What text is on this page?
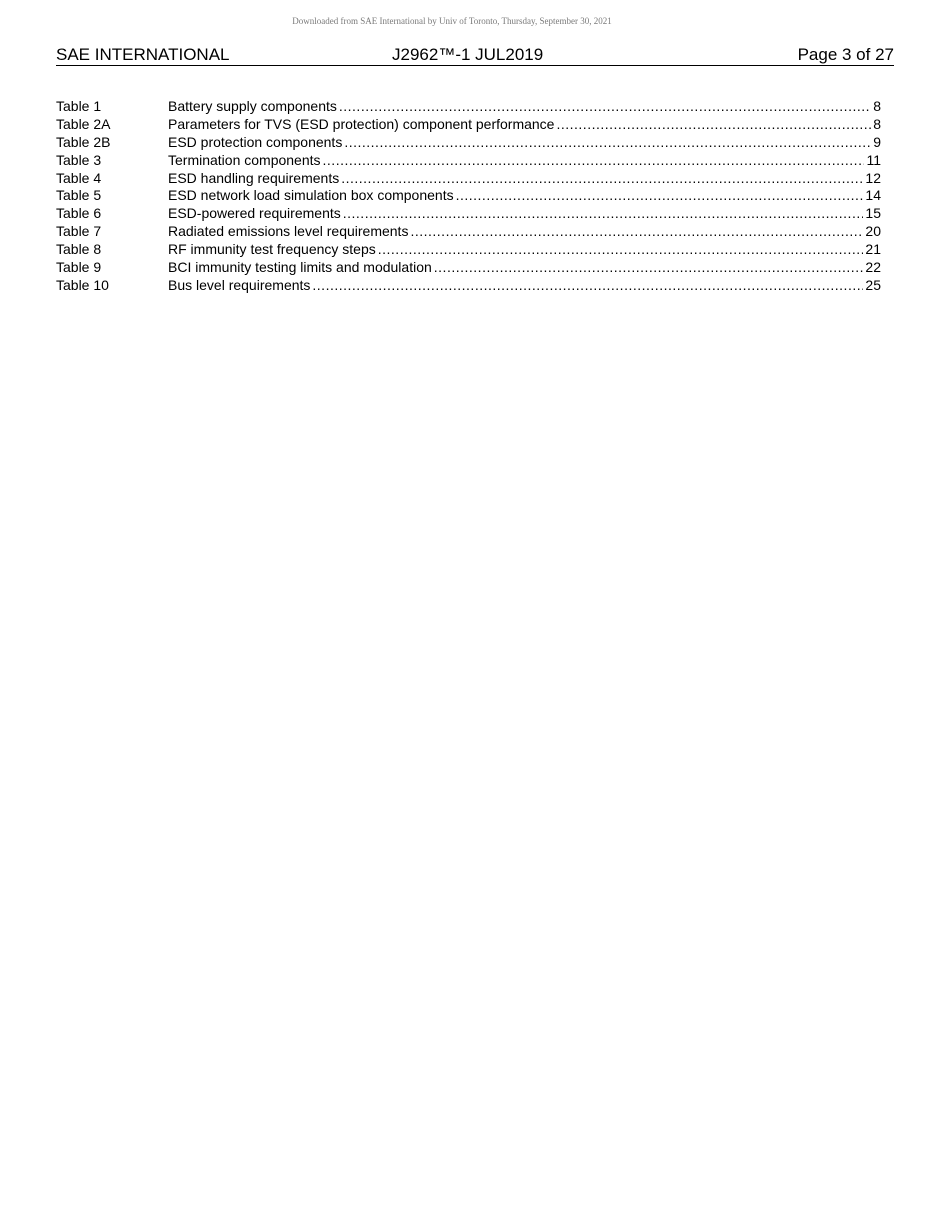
Downloaded from SAE International by Univ of Toronto, Thursday, September 30, 2021
SAE INTERNATIONAL	J2962™-1 JUL2019	Page 3 of 27
Table 1	Battery supply components .....	8
Table 2A	Parameters for TVS (ESD protection) component performance .....	8
Table 2B	ESD protection components .....	9
Table 3	Termination components .....	11
Table 4	ESD handling requirements .....	12
Table 5	ESD network load simulation box components .....	14
Table 6	ESD-powered requirements .....	15
Table 7	Radiated emissions level requirements .....	20
Table 8	RF immunity test frequency steps .....	21
Table 9	BCI immunity testing limits and modulation .....	22
Table 10	Bus level requirements .....	25
